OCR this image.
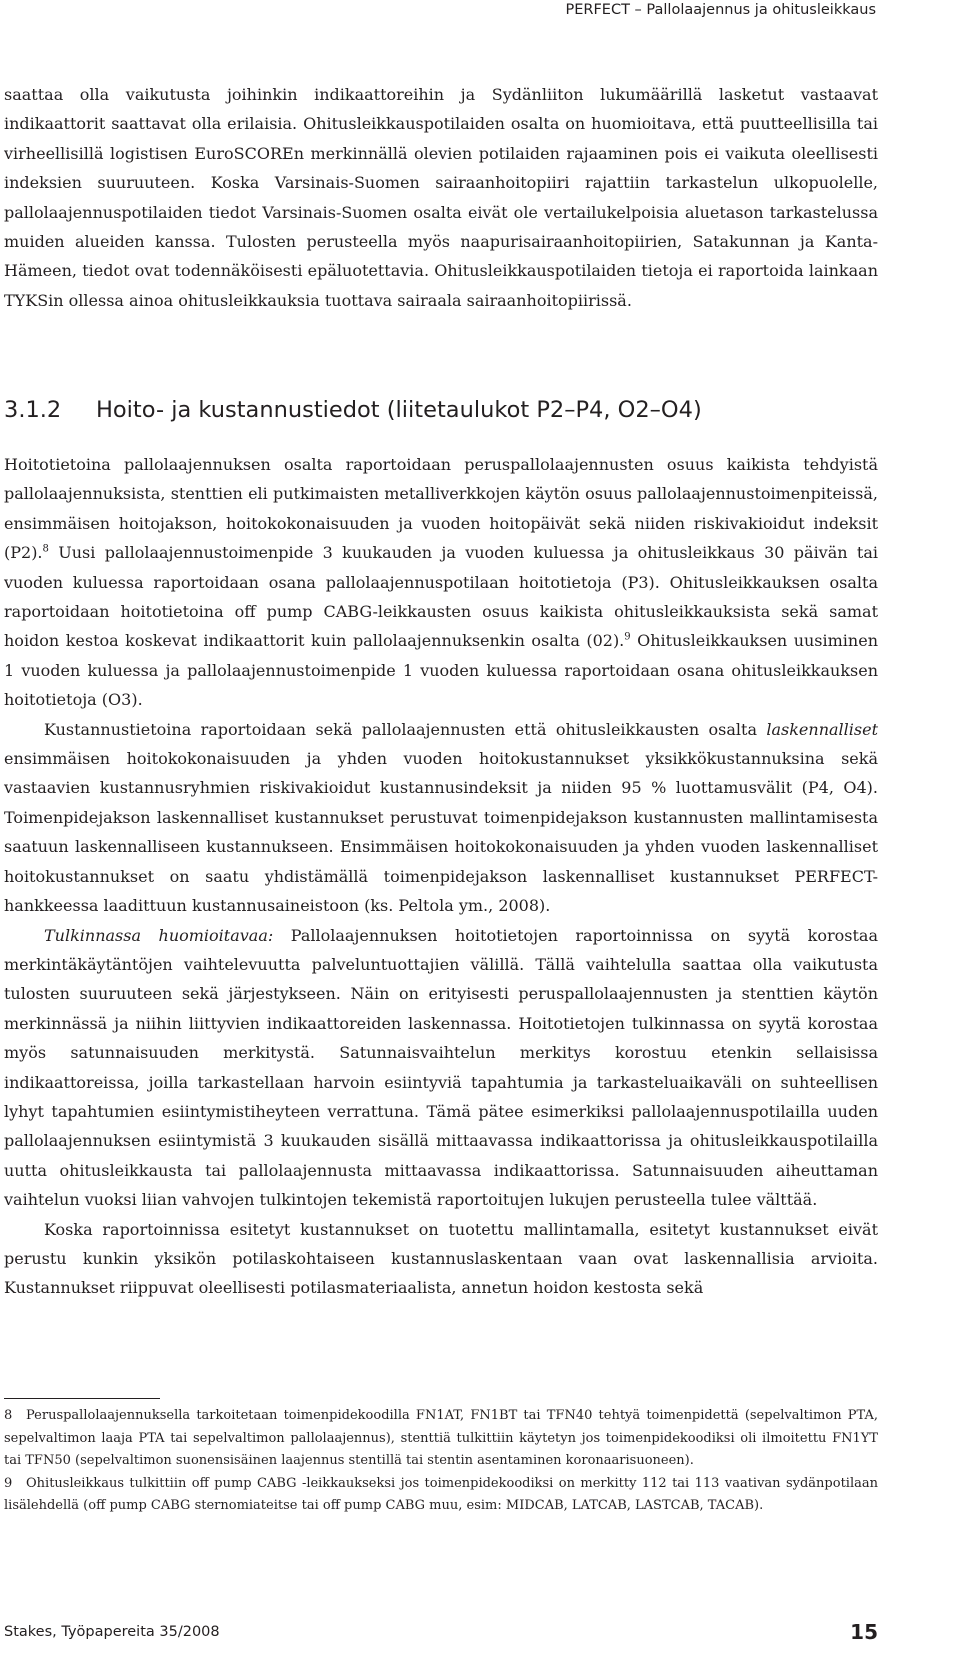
PERFECT – Pallolaajennus ja ohitusleikkaus

saattaa olla vaikutusta joihinkin indikaattoreihin ja Sydänliiton lukumäärillä lasketut vastaavat indikaattorit saattavat olla erilaisia. Ohitusleikkauspotilaiden osalta on huomioitava, että puutteellisilla tai virheellisillä logistisen EuroSCOREn merkinnällä olevien potilaiden rajaaminen pois ei vaikuta oleellisesti indeksien suuruuteen. Koska Varsinais-Suomen sairaanhoitopiiri rajattiin tarkastelun ulkopuolelle, pallolaajennuspotilaiden tiedot Varsinais-Suomen osalta eivät ole vertailukelpoisia aluetason tarkastelussa muiden alueiden kanssa. Tulosten perusteella myös naapurisairaanhoitopiirien, Satakunnan ja Kanta-Hämeen, tiedot ovat todennäköisesti epäluotettavia. Ohitusleikkauspotilaiden tietoja ei raportoida lainkaan TYKSin ollessa ainoa ohitusleikkauksia tuottava sairaala sairaanhoitopiirissä.

3.1.2 Hoito- ja kustannustiedot (liitetaulukot P2–P4, O2–O4)

Hoitotietoina pallolaajennuksen osalta raportoidaan peruspallolaajennusten osuus kaikista tehdyistä pallolaajennuksista, stenttien eli putkimaisten metalliverkkojen käytön osuus pallolaajennustoimenpiteissä, ensimmäisen hoitojakson, hoitokokonaisuuden ja vuoden hoitopäivät sekä niiden riskivakioidut indeksit (P2).$^8$ Uusi pallolaajennustoimenpide 3 kuukauden ja vuoden kuluessa ja ohitusleikkaus 30 päivän tai vuoden kuluessa raportoidaan osana pallolaajennuspotilaan hoitotietoja (P3). Ohitusleikkauksen osalta raportoidaan hoitotietoina off pump CABG-leikkausten osuus kaikista ohitusleikkauksista sekä samat hoidon kestoa koskevat indikaattorit kuin pallolaajennuksenkin osalta (02).$^9$ Ohitusleikkauksen uusiminen 1 vuoden kuluessa ja pallolaajennustoimenpide 1 vuoden kuluessa raportoidaan osana ohitusleikkauksen hoitotietoja (O3).

Kustannustietoina raportoidaan sekä pallolaajennusten että ohitusleikkausten osalta laskennalliset ensimmäisen hoitokokonaisuuden ja yhden vuoden hoitokustannukset yksikkökustannuksina sekä vastaavien kustannusryhmien riskivakioidut kustannusindeksit ja niiden 95 % luottamusvälit (P4, O4). Toimenpidejakson laskennalliset kustannukset perustuvat toimenpidejakson kustannusten mallintamisesta saatuun laskennalliseen kustannukseen. Ensimmäisen hoitokokonaisuuden ja yhden vuoden laskennalliset hoitokustannukset on saatu yhdistämällä toimenpidejakson laskennalliset kustannukset PERFECT-hankkeessa laadittuun kustannusaineistoon (ks. Peltola ym., 2008).

Tulkinnassa huomioitavaa: Pallolaajennuksen hoitotietojen raportoinnissa on syytä korostaa merkintäkäytäntöjen vaihtelevuutta palveluntuottajien välillä. Tällä vaihtelulla saattaa olla vaikutusta tulosten suuruuteen sekä järjestykseen. Näin on erityisesti peruspallolaajennusten ja stenttien käytön merkinnässä ja niihin liittyvien indikaattoreiden laskennassa. Hoitotietojen tulkinnassa on syytä korostaa myös satunnaisuuden merkitystä. Satunnaisvaihtelun merkitys korostuu etenkin sellaisissa indikaattoreissa, joilla tarkastellaan harvoin esiintyviä tapahtumia ja tarkasteluaikaväli on suhteellisen lyhyt tapahtumien esiintymistiheyteen verrattuna. Tämä pätee esimerkiksi pallolaajennuspotilailla uuden pallolaajennuksen esiintymistä 3 kuukauden sisällä mittaavassa indikaattorissa ja ohitusleikkauspotilailla uutta ohitusleikkausta tai pallolaajennusta mittaavassa indikaattorissa. Satunnaisuuden aiheuttaman vaihtelun vuoksi liian vahvojen tulkintojen tekemistä raportoitujen lukujen perusteella tulee välttää.

Koska raportoinnissa esitetyt kustannukset on tuotettu mallintamalla, esitetyt kustannukset eivät perustu kunkin yksikön potilaskohtaiseen kustannuslaskentaan vaan ovat laskennallisia arvioita. Kustannukset riippuvat oleellisesti potilasmateriaalista, annetun hoidon kestosta sekä

8 Peruspallolaajennuksella tarkoitetaan toimenpidekoodilla FN1AT, FN1BT tai TFN40 tehtyä toimenpidettä (sepelvaltimon PTA, sepelvaltimon laaja PTA tai sepelvaltimon pallolaajennus), stenttiä tulkittiin käytetyn jos toimenpidekoodiksi oli ilmoitettu FN1YT tai TFN50 (sepelvaltimon suonensisäinen laajennus stentillä tai stentin asentaminen koronaarisuoneen).

9 Ohitusleikkaus tulkittiin off pump CABG -leikkaukseksi jos toimenpidekoodiksi on merkitty 112 tai 113 vaativan sydänpotilaan lisälehdellä (off pump CABG sternomiateitse tai off pump CABG muu, esim: MIDCAB, LATCAB, LASTCAB, TACAB).

Stakes, Työpapereita 35/2008	15
